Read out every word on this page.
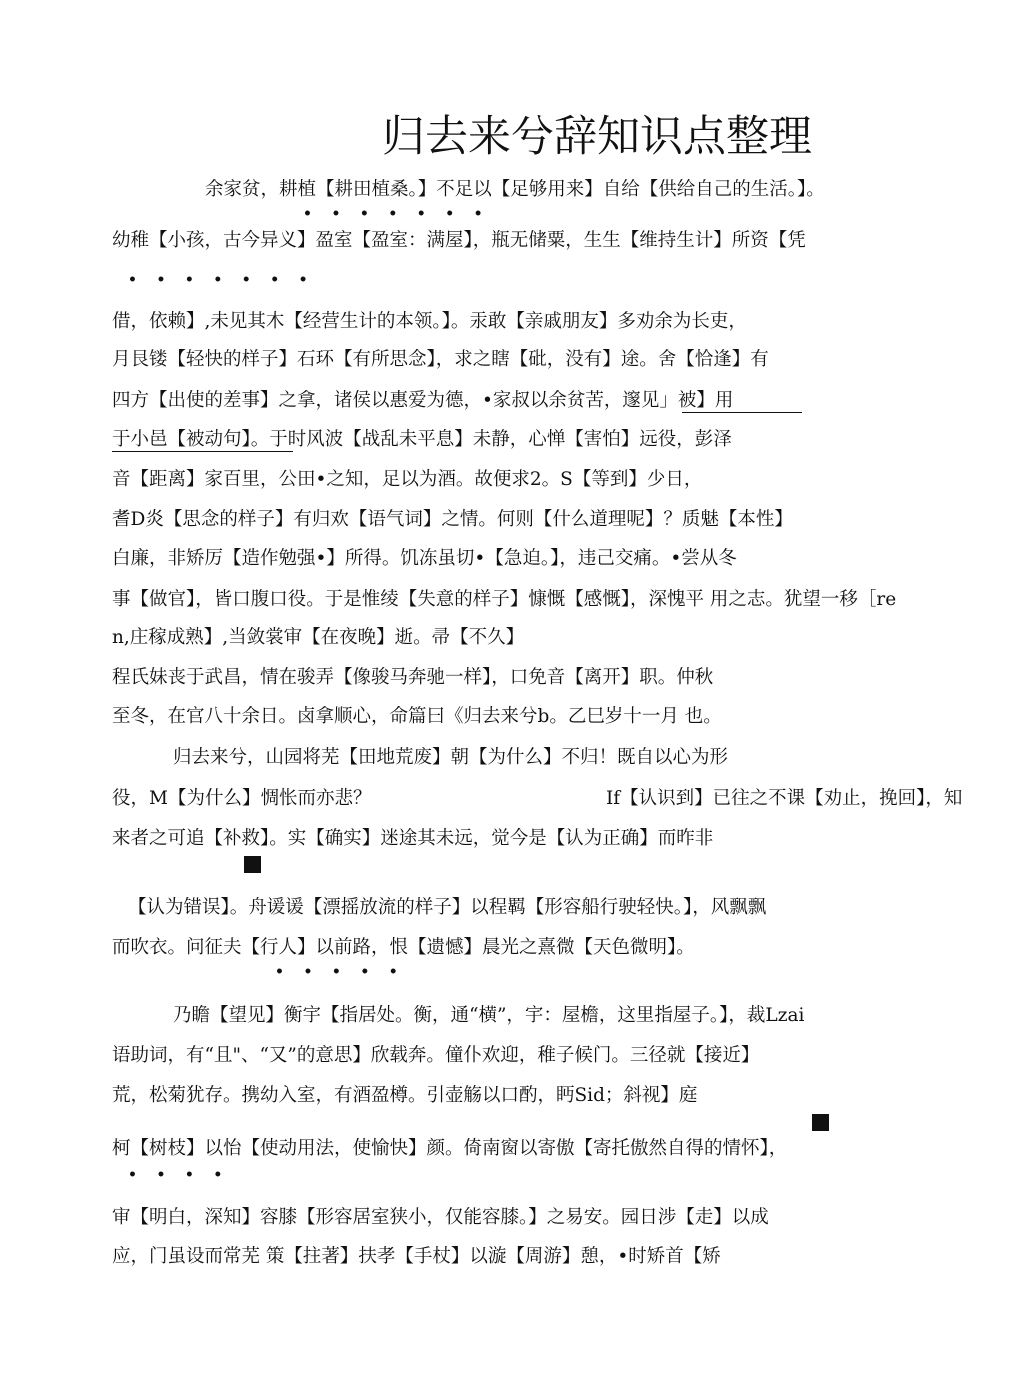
归去来兮辞知识点整理
余家贫，耕植【耕田植桑。】不足以【足够用来】自给【供给自己的生活。】。
•    •    •    •    •    •    •
幼稚【小孩，古今异义】盈室【盈室：满屋】，瓶无储粟，生生【维持生计】所资【凭
•    •    •    •    •    •    •
借，依赖】,未见其木【经营生计的本领。】。汞敢【亲戚朋友】多劝余为长吏，
月艮镂【轻快的样子】石环【有所思念】，求之瞎【砒，没有】途。舍【恰逢】有
四方【出使的差事】之拿，诸侯以惠爱为德，•家叔以余贫苦，邃见」被】用
于小邑【被动句】。于时风波【战乱未平息】未静，心惮【害怕】远役，彭泽
音【距离】家百里，公田•之知，足以为酒。故便求2。S【等到】少日，
耆D炎【思念的样子】有归欢【语气词】之情。何则【什么道理呢】？质魅【本性】
白廉，非矫厉【造作勉强•】所得。饥冻虽切•【急迫。】，违己交痛。•尝从冬
事【做官】，皆口腹口役。于是惟绫【失意的样子】慷慨【感慨】，深愧平 用之志。犹望一移［re
n,庄稼成熟】,当敛裳审【在夜晚】逝。帚【不久】
程氏妹丧于武昌，情在骏弄【像骏马奔驰一样】，口免音【离开】职。仲秋
至冬，在官八十余日。卤拿顺心，命篇曰《归去来兮b。乙巳岁十一月 也。
归去来兮，山园将芜【田地荒废】朝【为什么】不归！既自以心为形
役，M【为什么】惆怅而亦悲？	If【认识到】已往之不课【劝止，挽回】，知
来者之可追【补救】。实【确实】迷途其未远，觉今是【认为正确】而昨非
【认为错误】。舟谖谖【漂摇放流的样子】以程羁【形容船行驶轻快。】，风飘飘
而吹衣。问征夫【行人】以前路，恨【遗憾】晨光之熹微【天色微明】。
•    •    •    •    •
乃瞻【望见】衡宇【指居处。衡，通“横”，宇：屋檐，这里指屋子。】，裁Lzai
语助词，有“且"、“又”的意思】欣载奔。僮仆欢迎，稚子候门。三径就【接近】
荒，松菊犹存。携幼入室，有酒盈樽。引壶觞以口酌，眄Sid；斜视】庭
柯【树枝】以怡【使动用法，使愉快】颜。倚南窗以寄傲【寄托傲然自得的情怀】，
•    •    •    •
审【明白，深知】容膝【形容居室狭小，仅能容膝。】之易安。园日涉【走】以成
应，门虽设而常芜 策【拄著】扶孝【手杖】以漩【周游】憩，•时矫首【矫
